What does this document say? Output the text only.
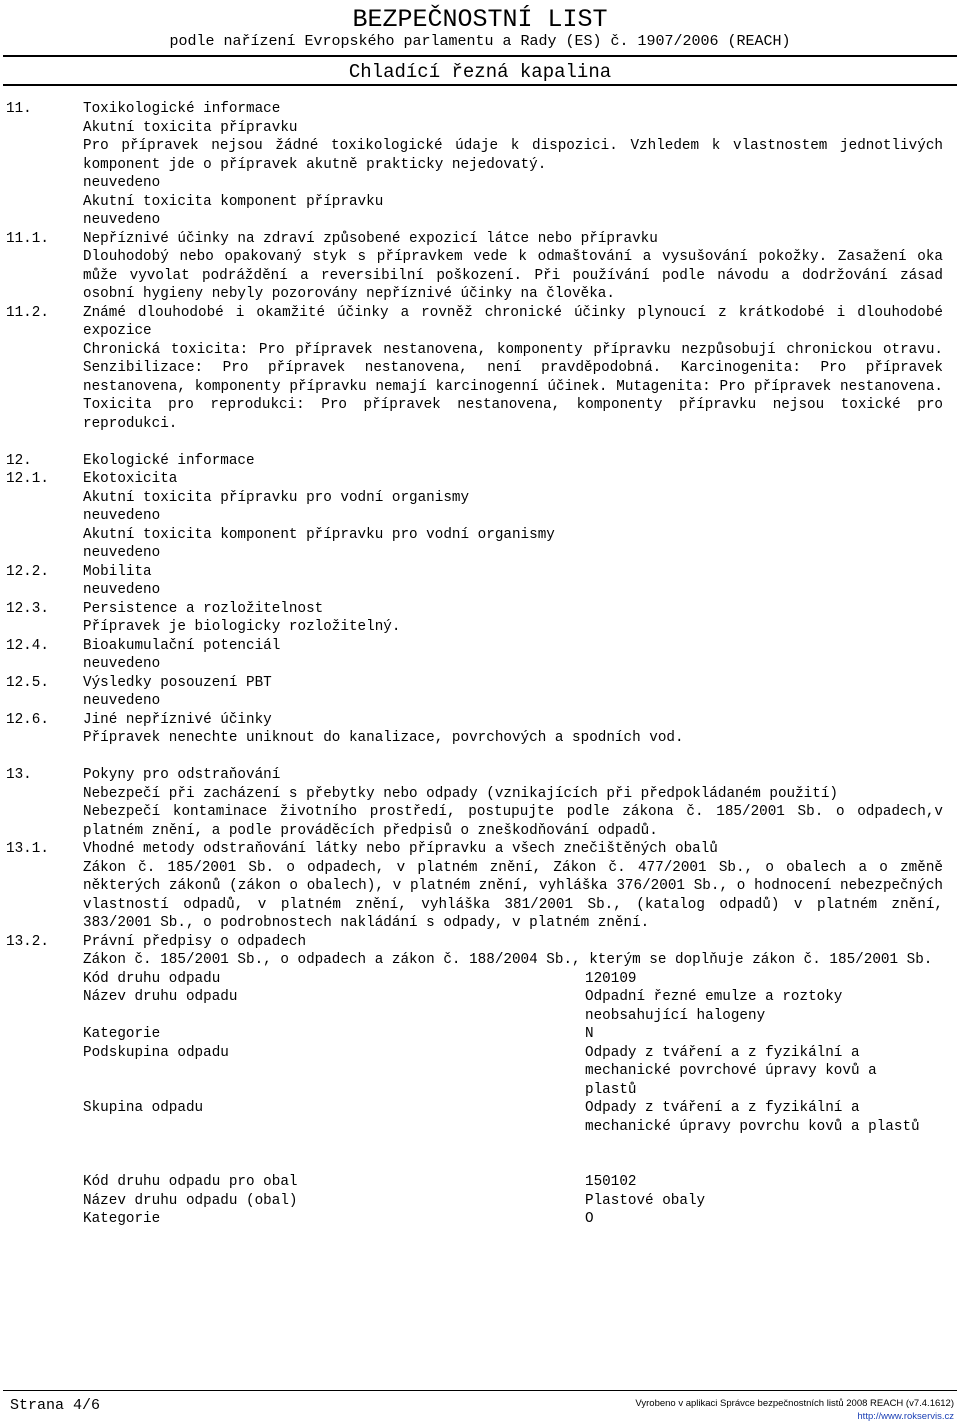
BEZPEČNOSTNÍ LIST
podle nařízení Evropského parlamentu a Rady (ES) č. 1907/2006 (REACH)
Chladící řezná kapalina
11.	Toxikologické informace
Akutní toxicita přípravku
Pro přípravek nejsou žádné toxikologické údaje k dispozici. Vzhledem k vlastnostem jednotlivých komponent jde o přípravek akutně prakticky nejedovatý.
neuvedeno
Akutní toxicita komponent přípravku
neuvedeno
11.1.	Nepříznivé účinky na zdraví způsobené expozicí látce nebo přípravku
Dlouhodobý nebo opakovaný styk s přípravkem vede k odmaštování a vysušování pokožky. Zasažení oka může vyvolat podráždění a reversibilní poškození. Při používání podle návodu a dodržování zásad osobní hygieny nebyly pozorovány nepříznivé účinky na člověka.
11.2.	Známé dlouhodobé i okamžité účinky a rovněž chronické účinky plynoucí z krátkodobé i dlouhodobé expozice
Chronická toxicita: Pro přípravek nestanovena, komponenty přípravku nezpůsobují chronickou otravu. Senzibilizace: Pro přípravek nestanovena, není pravděpodobná. Karcinogenita: Pro přípravek nestanovena, komponenty přípravku nemají karcinogenní účinek. Mutagenita: Pro přípravek nestanovena. Toxicita pro reprodukci: Pro přípravek nestanovena, komponenty přípravku nejsou toxické pro reprodukci.
12.	Ekologické informace
12.1.	Ekotoxicita
Akutní toxicita přípravku pro vodní organismy
neuvedeno
Akutní toxicita komponent přípravku pro vodní organismy
neuvedeno
12.2.	Mobilita
neuvedeno
12.3.	Persistence a rozložitelnost
Přípravek je biologicky rozložitelný.
12.4.	Bioakumulační potenciál
neuvedeno
12.5.	Výsledky posouzení PBT
neuvedeno
12.6.	Jiné nepříznivé účinky
Přípravek nenechte uniknout do kanalizace, povrchových a spodních vod.
13.	Pokyny pro odstraňování
Nebezpečí při zacházení s přebytky nebo odpady (vznikajících při předpokládaném použití)
Nebezpečí kontaminace životního prostředí, postupujte podle zákona č. 185/2001 Sb. o odpadech,v platném znění, a podle prováděcích předpisů o zneškodňování odpadů.
13.1.	Vhodné metody odstraňování látky nebo přípravku a všech znečištěných obalů
Zákon č. 185/2001 Sb. o odpadech, v platném znění, Zákon č. 477/2001 Sb., o obalech a o změně některých zákonů (zákon o obalech), v platném znění, vyhláška 376/2001 Sb., o hodnocení nebezpečných vlastností odpadů, v platném znění, vyhláška 381/2001 Sb., (katalog odpadů) v platném znění, 383/2001 Sb., o podrobnostech nakládání s odpady, v platném znění.
13.2.	Právní předpisy o odpadech
Zákon č. 185/2001 Sb., o odpadech a zákon č. 188/2004 Sb., kterým se doplňuje zákon č. 185/2001 Sb.
Kód druhu odpadu	120109
Název druhu odpadu	Odpadní řezné emulze a roztoky neobsahující halogeny
Kategorie	N
Podskupina odpadu	Odpady z tváření a z fyzikální a mechanické povrchové úpravy kovů a plastů
Skupina odpadu	Odpady z tváření a z fyzikální a mechanické úpravy povrchu kovů a plastů
Kód druhu odpadu pro obal	150102
Název druhu odpadu (obal)	Plastové obaly
Kategorie	O
Strana 4/6	Vyrobeno v aplikaci Správce bezpečnostních listů 2008 REACH (v7.4.1612)
http://www.rokservis.cz
